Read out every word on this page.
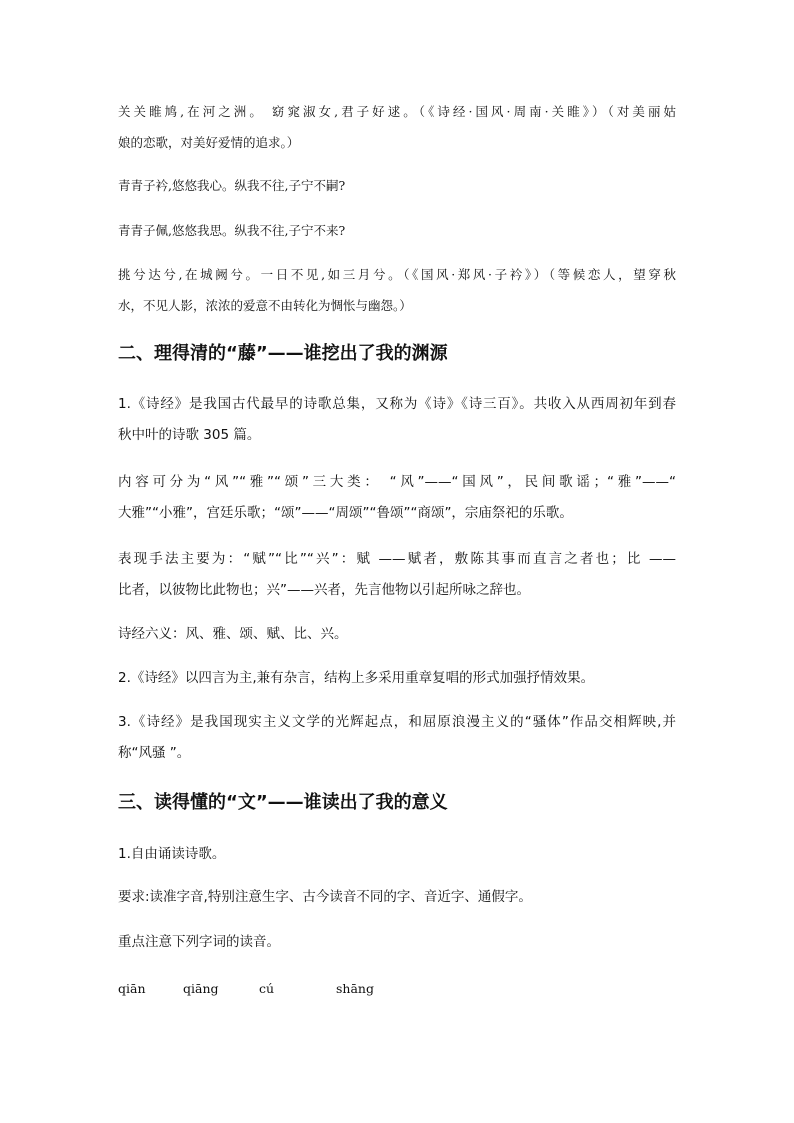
关关睢鸠,在河之洲。 窈窕淑女,君子好逑。（《诗经·国风·周南·关睢》）（对美丽姑
娘的恋歌，对美好爱情的追求。）
青青子衿,悠悠我心。纵我不往,子宁不嗣?
青青子佩,悠悠我思。纵我不往,子宁不来?
挑兮达兮,在城阙兮。一日不见,如三月兮。（《国风·郑风·子衿》）（等候恋人，望穿秋
水，不见人影，浓浓的爱意不由转化为惆怅与幽怨。）
二、理得清的“藤”——谁挖出了我的渊源
1.《诗经》是我国古代最早的诗歌总集，又称为《诗》《诗三百》。共收入从西周初年到春
秋中叶的诗歌 305 篇。
内容可分为“风”“雅”“颂”三大类： “风”——“国风”，民间歌谣；“雅”——“
大雅”“小雅”，宫廷乐歌；“颂”——“周颂”“鲁颂”“商颂”，宗庙祭祀的乐歌。
表现手法主要为：“赋”“比”“兴”：赋 ——赋者，敷陈其事而直言之者也；比 ——
比者，以彼物比此物也；兴”——兴者，先言他物以引起所咏之辞也。
诗经六义：风、雅、颂、赋、比、兴。
2.《诗经》以四言为主,兼有杂言，结构上多采用重章复唱的形式加强抒情效果。
3.《诗经》是我国现实主义文学的光辉起点，和屈原浪漫主义的“骚体”作品交相辉映,并
称“风骚 ”。
三、读得懂的“文”——谁读出了我的意义
1.自由诵读诗歌。
要求:读准字音,特别注意生字、古今读音不同的字、音近字、通假字。
重点注意下列字词的读音。
qiān	qiāng	cú	shāng
